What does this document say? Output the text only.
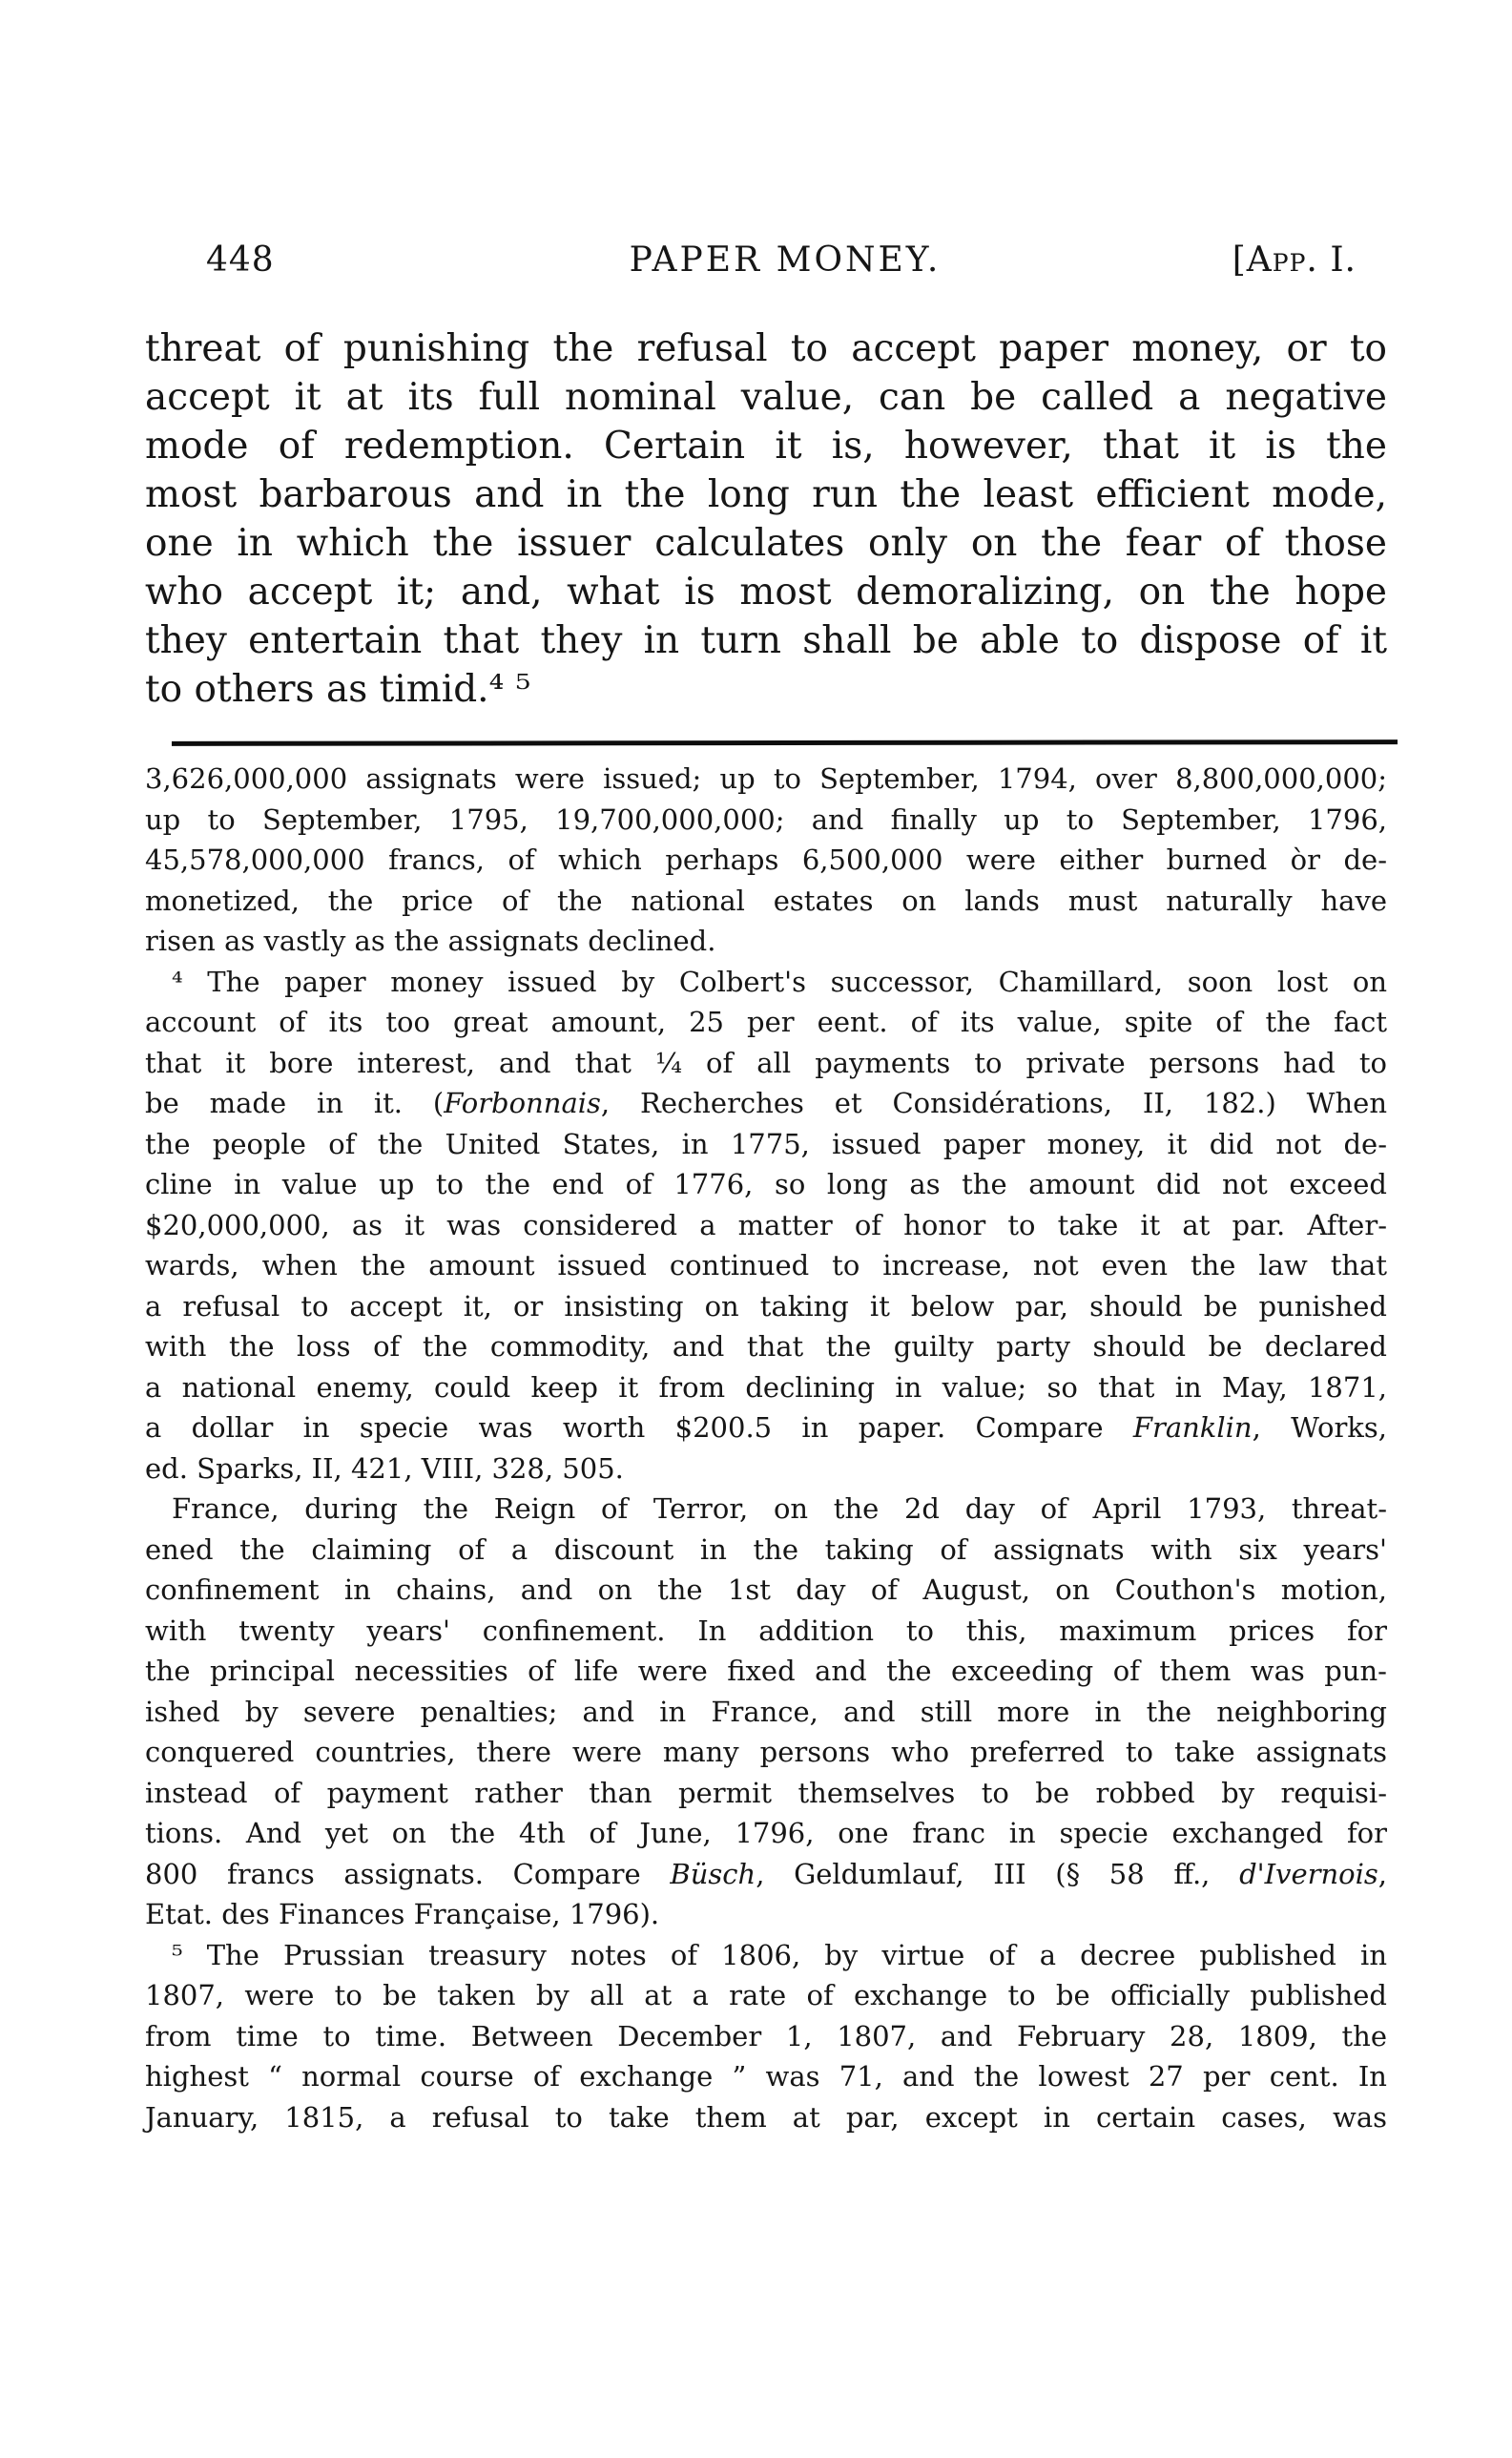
448	PAPER MONEY.	[App. I.
threat of punishing the refusal to accept paper money, or to
accept it at its full nominal value, can be called a negative
mode of redemption. Certain it is, however, that it is the
most barbarous and in the long run the least efficient mode,
one in which the issuer calculates only on the fear of those
who accept it; and, what is most demoralizing, on the hope
they entertain that they in turn shall be able to dispose of it
to others as timid.⁴ ⁵
3,626,000,000 assignats were issued; up to September, 1794, over 8,800,000,000;
up to September, 1795, 19,700,000,000; and finally up to September, 1796,
45,578,000,000 francs, of which perhaps 6,500,000 were either burned òr de-
monetized, the price of the national estates on lands must naturally have
risen as vastly as the assignats declined.
⁴ The paper money issued by Colbert's successor, Chamillard, soon lost on
account of its too great amount, 25 per eent. of its value, spite of the fact
that it bore interest, and that ¼ of all payments to private persons had to
be made in it. (Forbonnais, Recherches et Considérations, II, 182.) When
the people of the United States, in 1775, issued paper money, it did not de-
cline in value up to the end of 1776, so long as the amount did not exceed
$20,000,000, as it was considered a matter of honor to take it at par. After-
wards, when the amount issued continued to increase, not even the law that
a refusal to accept it, or insisting on taking it below par, should be punished
with the loss of the commodity, and that the guilty party should be declared
a national enemy, could keep it from declining in value; so that in May, 1871,
a dollar in specie was worth $200.5 in paper. Compare Franklin, Works,
ed. Sparks, II, 421, VIII, 328, 505.
France, during the Reign of Terror, on the 2d day of April 1793, threat-
ened the claiming of a discount in the taking of assignats with six years'
confinement in chains, and on the 1st day of August, on Couthon's motion,
with twenty years' confinement. In addition to this, maximum prices for
the principal necessities of life were fixed and the exceeding of them was pun-
ished by severe penalties; and in France, and still more in the neighboring
conquered countries, there were many persons who preferred to take assignats
instead of payment rather than permit themselves to be robbed by requisi-
tions. And yet on the 4th of June, 1796, one franc in specie exchanged for
800 francs assignats. Compare Büsch, Geldumlauf, III (§ 58 ff., d'Ivernois,
Etat. des Finances Française, 1796).
⁵ The Prussian treasury notes of 1806, by virtue of a decree published in
1807, were to be taken by all at a rate of exchange to be officially published
from time to time. Between December 1, 1807, and February 28, 1809, the
highest “ normal course of exchange ” was 71, and the lowest 27 per cent. In
January, 1815, a refusal to take them at par, except in certain cases, was
